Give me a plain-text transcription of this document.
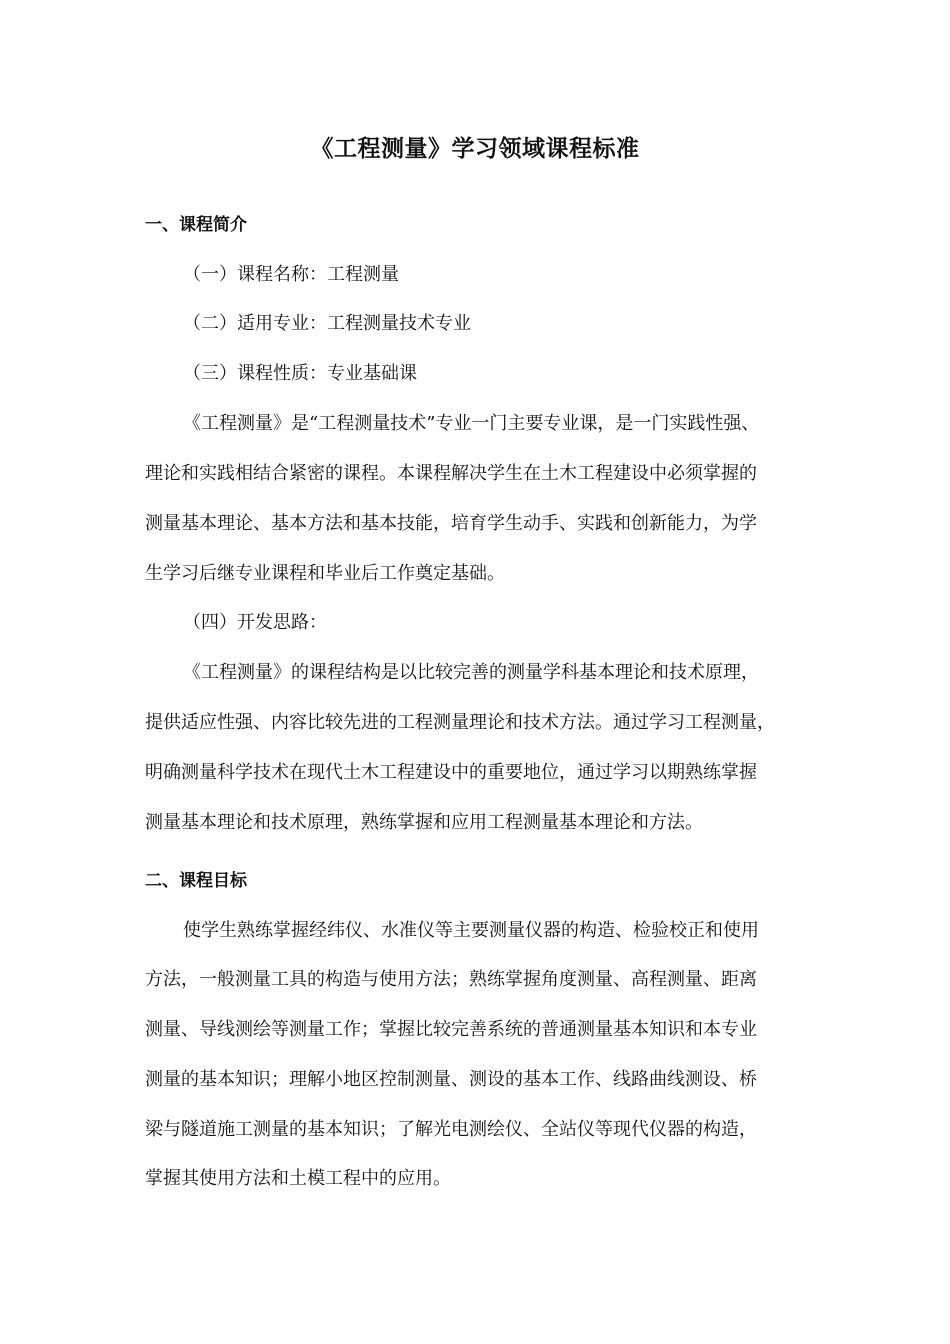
《工程测量》学习领域课程标准
一、课程简介
（一）课程名称：工程测量
（二）适用专业：工程测量技术专业
（三）课程性质：专业基础课
《工程测量》是“工程测量技术”专业一门主要专业课，是一门实践性强、
理论和实践相结合紧密的课程。本课程解决学生在土木工程建设中必须掌握的
测量基本理论、基本方法和基本技能，培育学生动手、实践和创新能力，为学
生学习后继专业课程和毕业后工作奠定基础。
（四）开发思路：
《工程测量》的课程结构是以比较完善的测量学科基本理论和技术原理，
提供适应性强、内容比较先进的工程测量理论和技术方法。通过学习工程测量，
明确测量科学技术在现代土木工程建设中的重要地位，通过学习以期熟练掌握
测量基本理论和技术原理，熟练掌握和应用工程测量基本理论和方法。
二、课程目标
使学生熟练掌握经纬仪、水准仪等主要测量仪器的构造、检验校正和使用
方法，一般测量工具的构造与使用方法；熟练掌握角度测量、高程测量、距离
测量、导线测绘等测量工作；掌握比较完善系统的普通测量基本知识和本专业
测量的基本知识；理解小地区控制测量、测设的基本工作、线路曲线测设、桥
梁与隧道施工测量的基本知识；了解光电测绘仪、全站仪等现代仪器的构造，
掌握其使用方法和土模工程中的应用。
